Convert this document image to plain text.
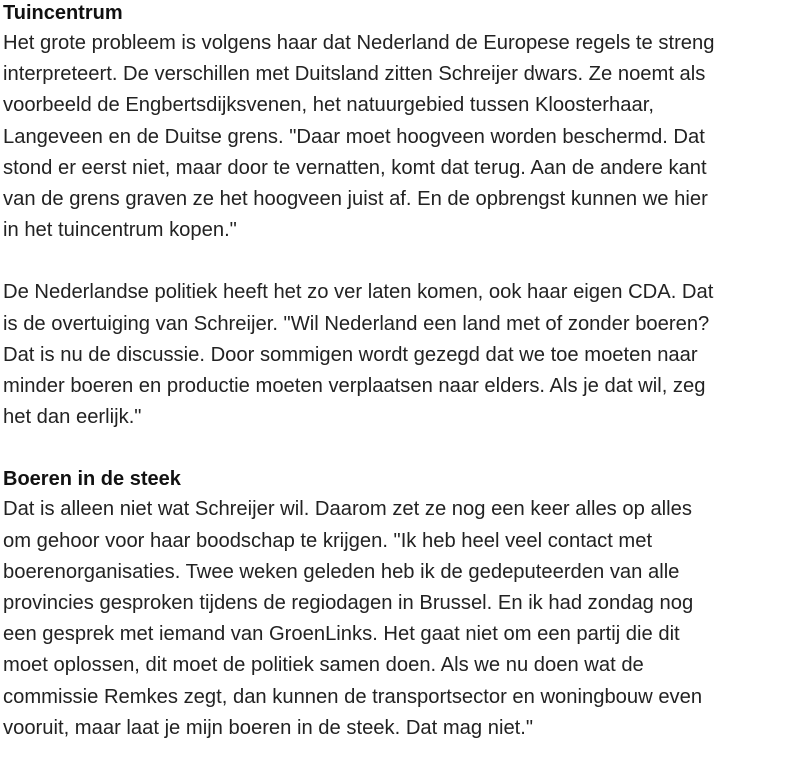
Tuincentrum

Het grote probleem is volgens haar dat Nederland de Europese regels te streng
interpreteert. De verschillen met Duitsland zitten Schreijer dwars. Ze noemt als
voorbeeld de Engbertsdijksvenen, het natuurgebied tussen Kloosterhaar,
Langeveen en de Duitse grens. "Daar moet hoogveen worden beschermd. Dat
stond er eerst niet, maar door te vernatten, komt dat terug. Aan de andere kant
van de grens graven ze het hoogveen juist af. En de opbrengst kunnen we hier
in het tuincentrum kopen."

De Nederlandse politiek heeft het zo ver laten komen, ook haar eigen CDA. Dat
is de overtuiging van Schreijer. "Wil Nederland een land met of zonder boeren?
Dat is nu de discussie. Door sommigen wordt gezegd dat we toe moeten naar
minder boeren en productie moeten verplaatsen naar elders. Als je dat wil, zeg
het dan eerlijk."

Boeren in de steek

Dat is alleen niet wat Schreijer wil. Daarom zet ze nog een keer alles op alles
om gehoor voor haar boodschap te krijgen. "Ik heb heel veel contact met
boerenorganisaties. Twee weken geleden heb ik de gedeputeerden van alle
provincies gesproken tijdens de regiodagen in Brussel. En ik had zondag nog
een gesprek met iemand van GroenLinks. Het gaat niet om een partij die dit
moet oplossen, dit moet de politiek samen doen. Als we nu doen wat de
commissie Remkes zegt, dan kunnen de transportsector en woningbouw even
vooruit, maar laat je mijn boeren in de steek. Dat mag niet."
